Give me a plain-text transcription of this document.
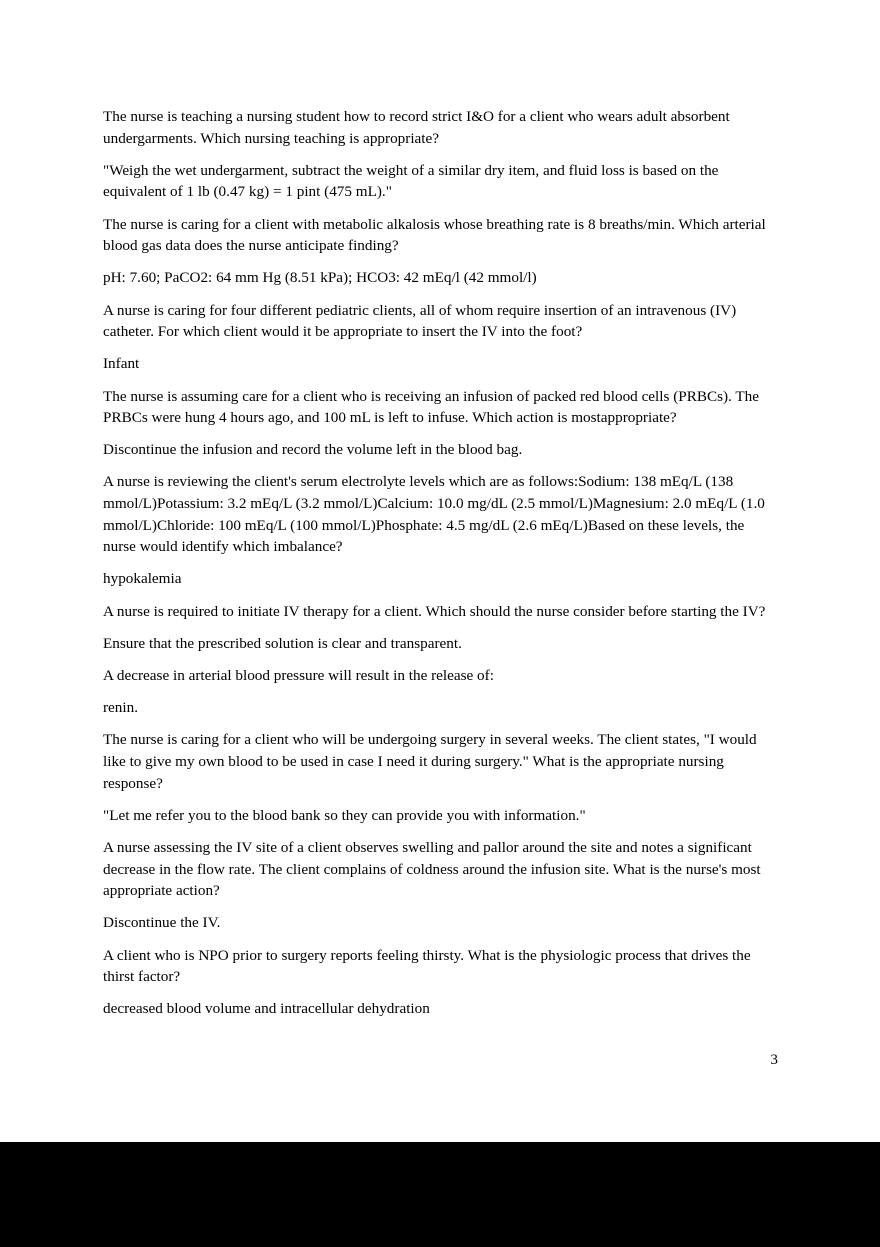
The nurse is teaching a nursing student how to record strict I&O for a client who wears adult absorbent undergarments. Which nursing teaching is appropriate?

"Weigh the wet undergarment, subtract the weight of a similar dry item, and fluid loss is based on the equivalent of 1 lb (0.47 kg) = 1 pint (475 mL)."

The nurse is caring for a client with metabolic alkalosis whose breathing rate is 8 breaths/min. Which arterial blood gas data does the nurse anticipate finding?

pH: 7.60; PaCO2: 64 mm Hg (8.51 kPa); HCO3: 42 mEq/l (42 mmol/l)

A nurse is caring for four different pediatric clients, all of whom require insertion of an intravenous (IV) catheter. For which client would it be appropriate to insert the IV into the foot?

Infant

The nurse is assuming care for a client who is receiving an infusion of packed red blood cells (PRBCs). The PRBCs were hung 4 hours ago, and 100 mL is left to infuse. Which action is mostappropriate?

Discontinue the infusion and record the volume left in the blood bag.

A nurse is reviewing the client's serum electrolyte levels which are as follows:Sodium: 138 mEq/L (138 mmol/L)Potassium: 3.2 mEq/L (3.2 mmol/L)Calcium: 10.0 mg/dL (2.5 mmol/L)Magnesium: 2.0 mEq/L (1.0 mmol/L)Chloride: 100 mEq/L (100 mmol/L)Phosphate: 4.5 mg/dL (2.6 mEq/L)Based on these levels, the nurse would identify which imbalance?

hypokalemia

A nurse is required to initiate IV therapy for a client. Which should the nurse consider before starting the IV?

Ensure that the prescribed solution is clear and transparent.

A decrease in arterial blood pressure will result in the release of:

renin.

The nurse is caring for a client who will be undergoing surgery in several weeks. The client states, "I would like to give my own blood to be used in case I need it during surgery." What is the appropriate nursing response?

"Let me refer you to the blood bank so they can provide you with information."

A nurse assessing the IV site of a client observes swelling and pallor around the site and notes a significant decrease in the flow rate. The client complains of coldness around the infusion site. What is the nurse's most appropriate action?

Discontinue the IV.

A client who is NPO prior to surgery reports feeling thirsty. What is the physiologic process that drives the thirst factor?

decreased blood volume and intracellular dehydration

3
